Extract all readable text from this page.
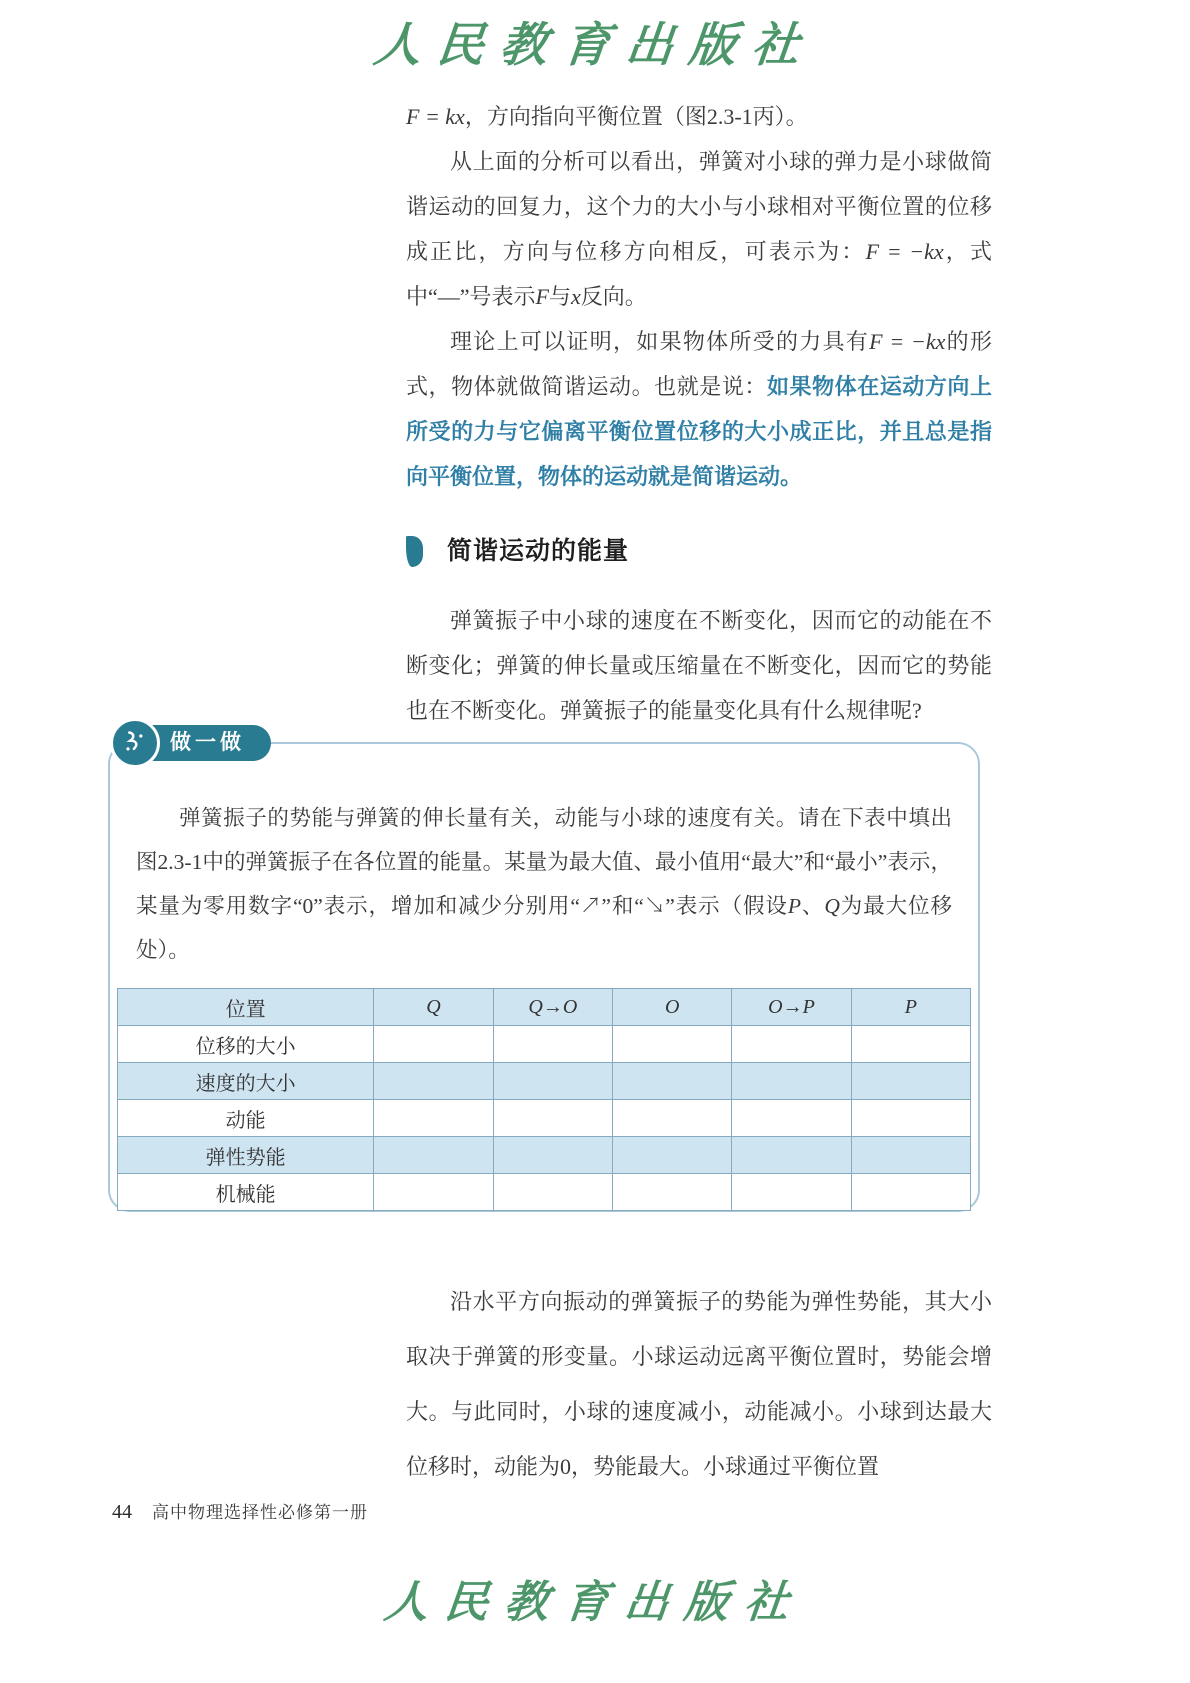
人民教育出版社

F = kx，方向指向平衡位置（图2.3-1丙）。

从上面的分析可以看出，弹簧对小球的弹力是小球做简谐运动的回复力，这个力的大小与小球相对平衡位置的位移成正比，方向与位移方向相反，可表示为：F = −kx，式中“—”号表示F与x反向。

理论上可以证明，如果物体所受的力具有F = −kx的形式，物体就做简谐运动。也就是说：如果物体在运动方向上所受的力与它偏离平衡位置位移的大小成正比，并且总是指向平衡位置，物体的运动就是简谐运动。

简谐运动的能量

弹簧振子中小球的速度在不断变化，因而它的动能在不断变化；弹簧的伸长量或压缩量在不断变化，因而它的势能也在不断变化。弹簧振子的能量变化具有什么规律呢?

做一做
弹簧振子的势能与弹簧的伸长量有关，动能与小球的速度有关。请在下表中填出图2.3-1中的弹簧振子在各位置的能量。某量为最大值、最小值用“最大”和“最小”表示，某量为零用数字“0”表示，增加和减少分别用“↗”和“↘”表示（假设P、Q为最大位移处）。
位置	Q	Q→O	O	O→P	P
位移的大小					
速度的大小					
动能					
弹性势能					
机械能					

沿水平方向振动的弹簧振子的势能为弹性势能，其大小取决于弹簧的形变量。小球运动远离平衡位置时，势能会增大。与此同时，小球的速度减小，动能减小。小球到达最大位移时，动能为0，势能最大。小球通过平衡位置

44 高中物理选择性必修第一册
人民教育出版社
